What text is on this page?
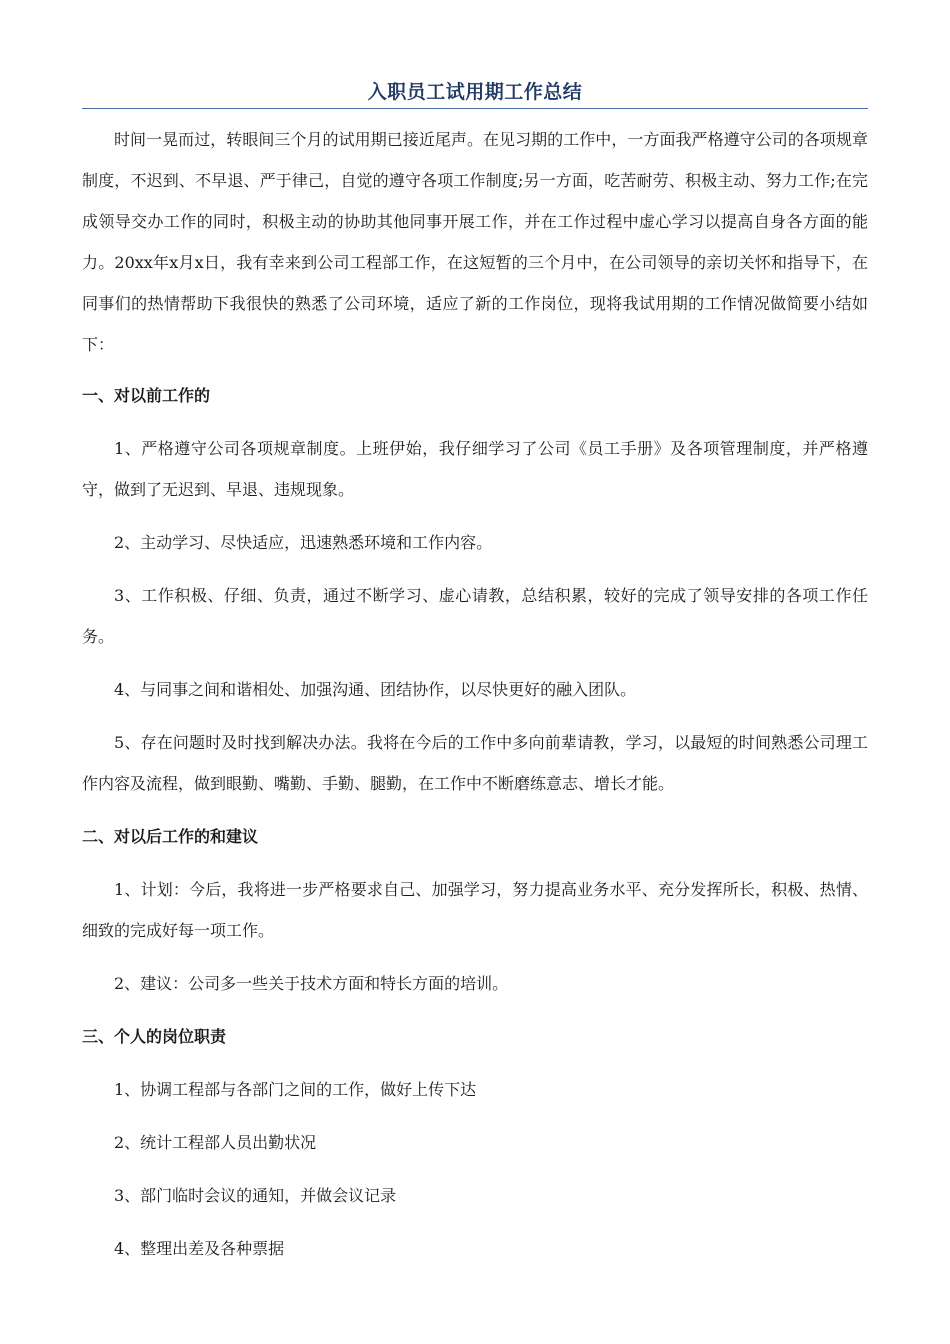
入职员工试用期工作总结

时间一晃而过，转眼间三个月的试用期已接近尾声。在见习期的工作中，一方面我严格遵守公司的各项规章制度，不迟到、不早退、严于律己，自觉的遵守各项工作制度;另一方面，吃苦耐劳、积极主动、努力工作;在完成领导交办工作的同时，积极主动的协助其他同事开展工作，并在工作过程中虚心学习以提高自身各方面的能力。20xx年x月x日，我有幸来到公司工程部工作，在这短暂的三个月中，在公司领导的亲切关怀和指导下，在同事们的热情帮助下我很快的熟悉了公司环境，适应了新的工作岗位，现将我试用期的工作情况做简要小结如下：

一、对以前工作的

1、严格遵守公司各项规章制度。上班伊始，我仔细学习了公司《员工手册》及各项管理制度，并严格遵守，做到了无迟到、早退、违规现象。

2、主动学习、尽快适应，迅速熟悉环境和工作内容。

3、工作积极、仔细、负责，通过不断学习、虚心请教，总结积累，较好的完成了领导安排的各项工作任务。

4、与同事之间和谐相处、加强沟通、团结协作，以尽快更好的融入团队。

5、存在问题时及时找到解决办法。我将在今后的工作中多向前辈请教，学习，以最短的时间熟悉公司理工作内容及流程，做到眼勤、嘴勤、手勤、腿勤，在工作中不断磨练意志、增长才能。

二、对以后工作的和建议

1、计划：今后，我将进一步严格要求自己、加强学习，努力提高业务水平、充分发挥所长，积极、热情、细致的完成好每一项工作。

2、建议：公司多一些关于技术方面和特长方面的培训。

三、个人的岗位职责

1、协调工程部与各部门之间的工作，做好上传下达

2、统计工程部人员出勤状况

3、部门临时会议的通知，并做会议记录

4、整理出差及各种票据
